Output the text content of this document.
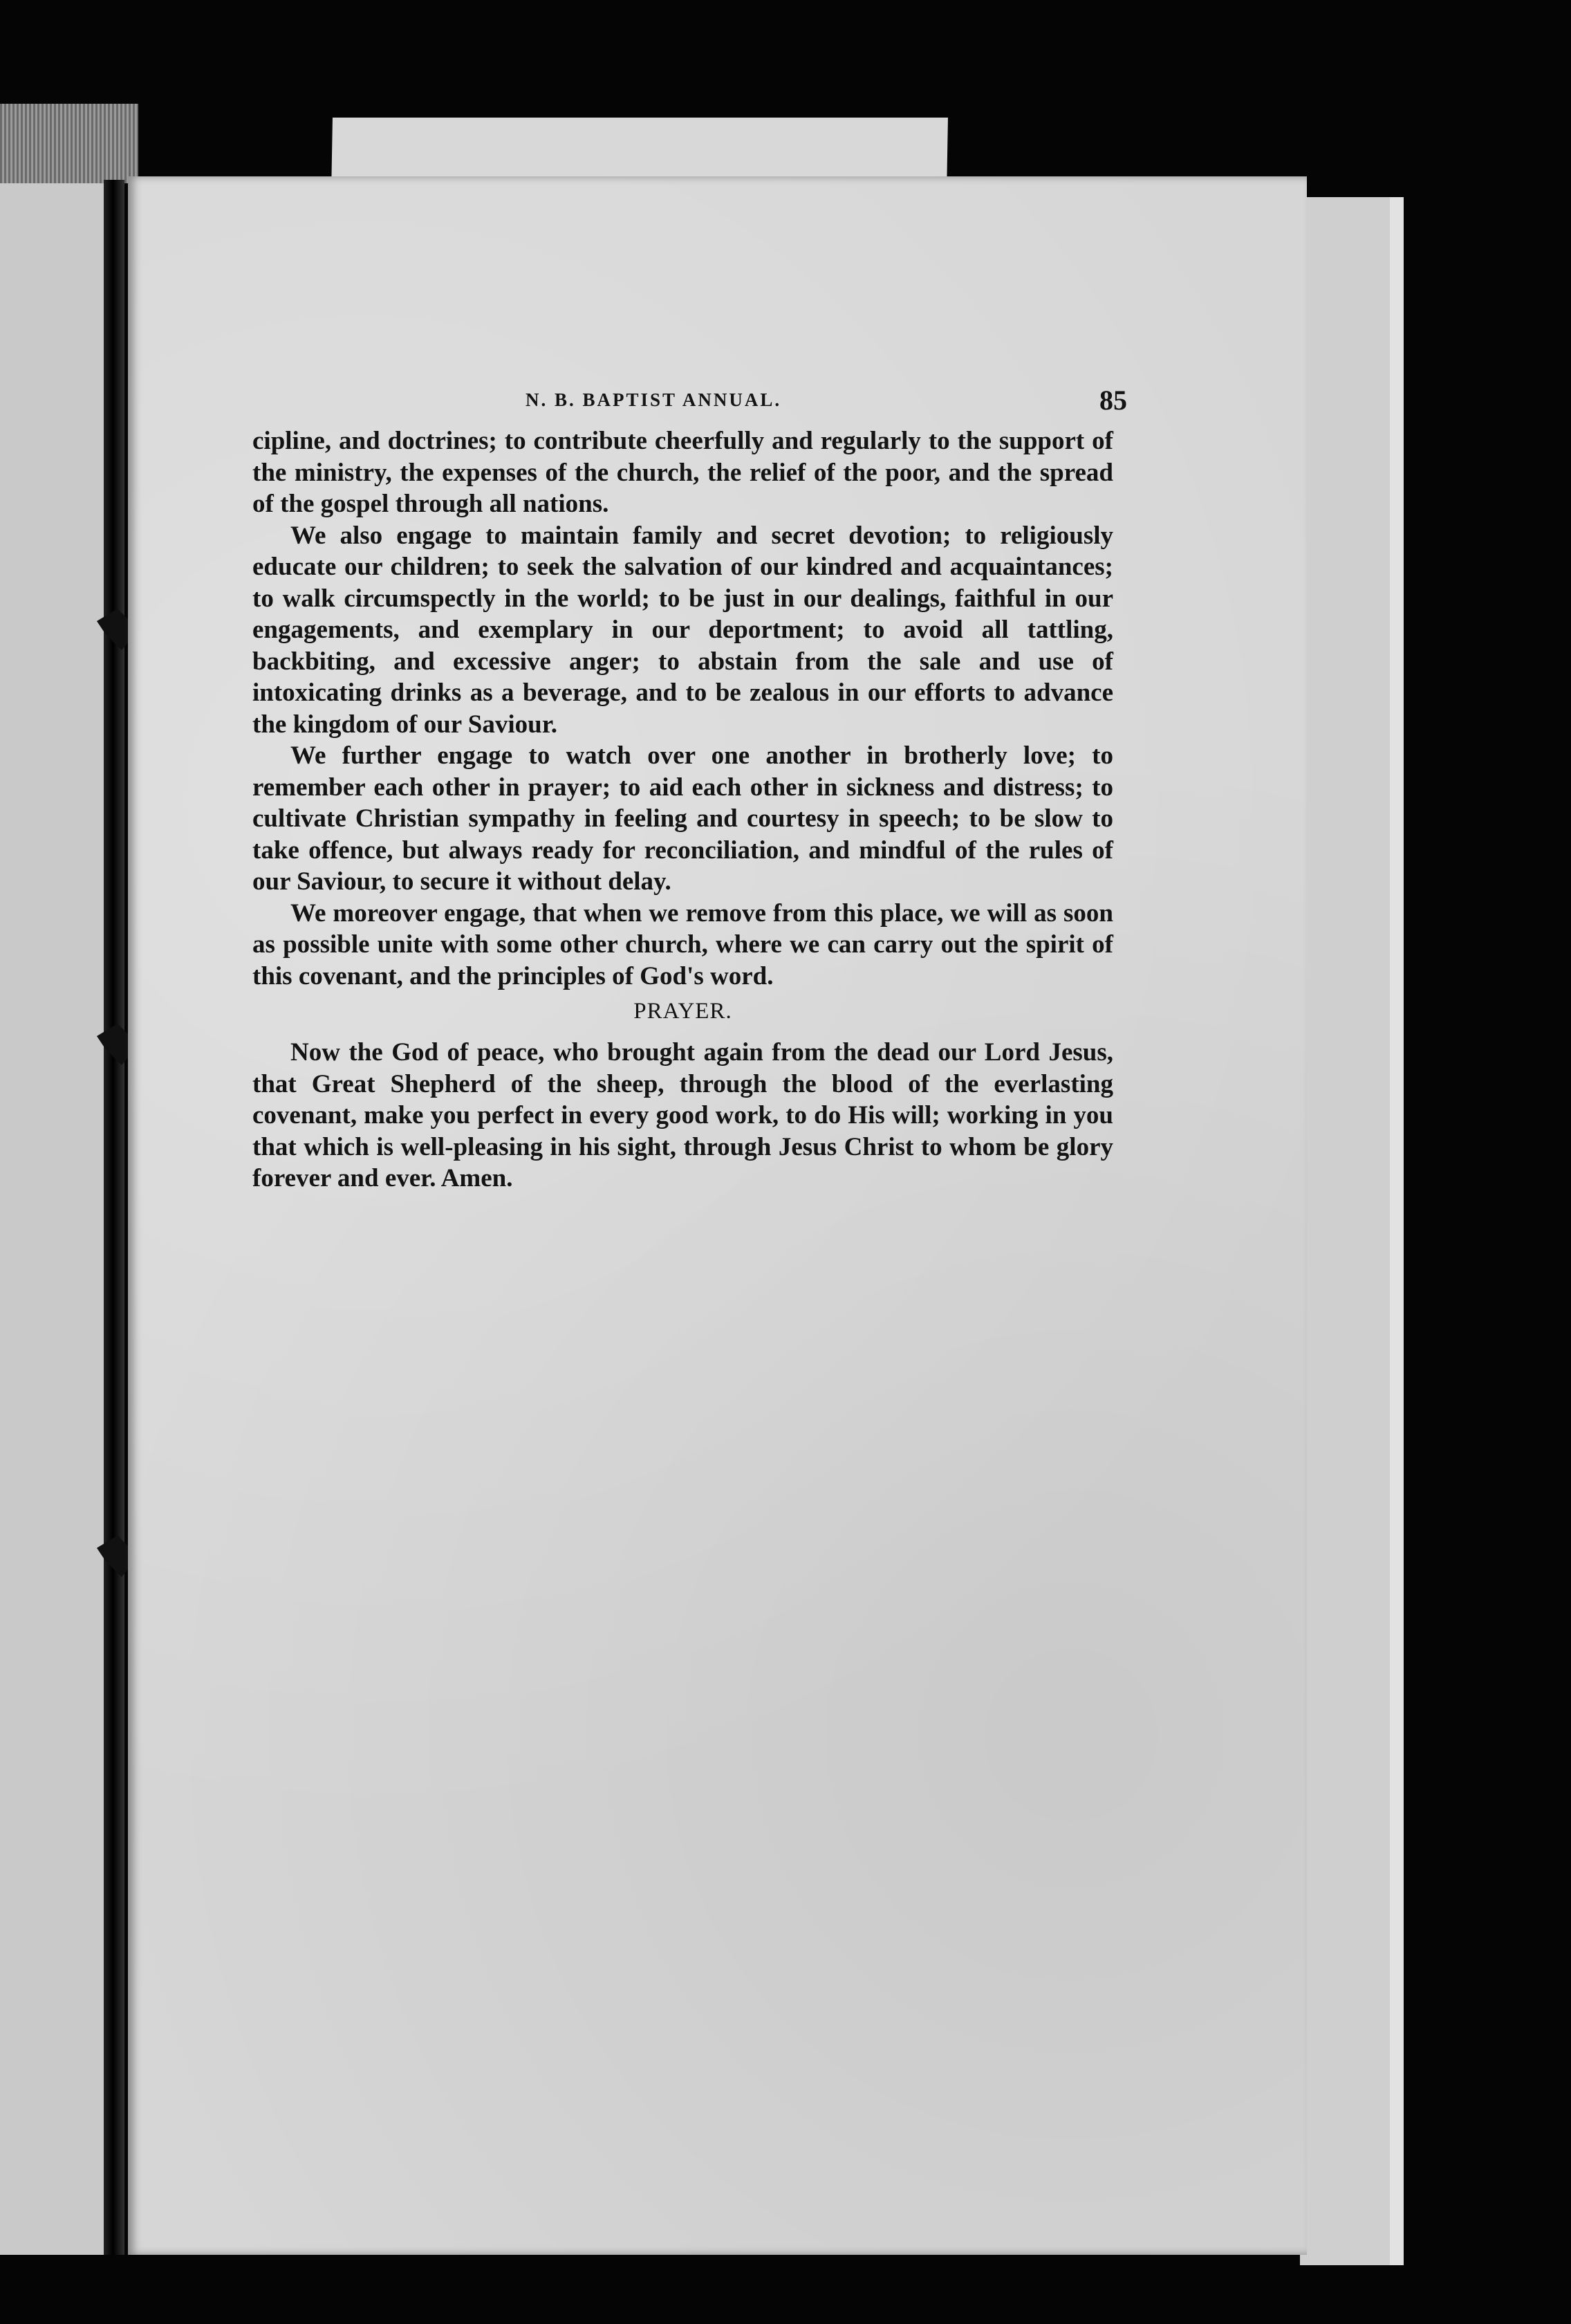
N. B. BAPTIST ANNUAL.	85

cipline, and doctrines; to contribute cheerfully and regularly to the support of the ministry, the expenses of the church, the relief of the poor, and the spread of the gospel through all nations.

We also engage to maintain family and secret devotion; to religiously educate our children; to seek the salvation of our kindred and acquaintances; to walk circumspectly in the world; to be just in our dealings, faithful in our engagements, and exemplary in our deportment; to avoid all tattling, backbiting, and excessive anger; to abstain from the sale and use of intoxicating drinks as a beverage, and to be zealous in our efforts to advance the kingdom of our Saviour.

We further engage to watch over one another in brotherly love; to remember each other in prayer; to aid each other in sickness and distress; to cultivate Christian sympathy in feeling and courtesy in speech; to be slow to take offence, but always ready for reconciliation, and mindful of the rules of our Saviour, to secure it without delay.

We moreover engage, that when we remove from this place, we will as soon as possible unite with some other church, where we can carry out the spirit of this covenant, and the principles of God's word.

PRAYER.

Now the God of peace, who brought again from the dead our Lord Jesus, that Great Shepherd of the sheep, through the blood of the everlasting covenant, make you perfect in every good work, to do His will; working in you that which is well-pleasing in his sight, through Jesus Christ to whom be glory forever and ever. Amen.
